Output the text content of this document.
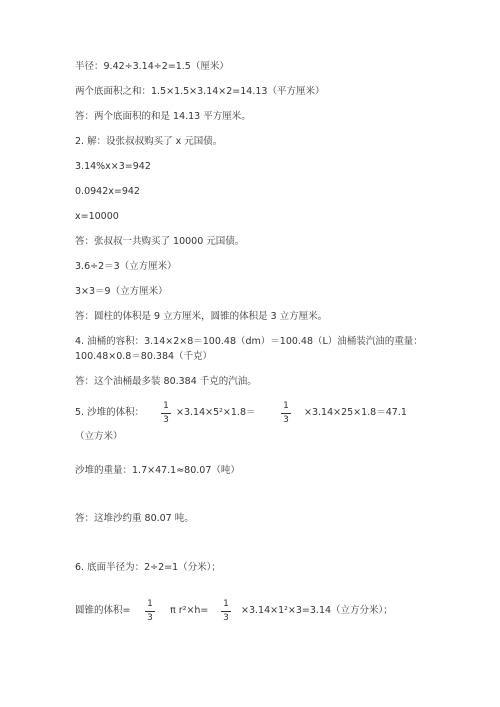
半径：9.42÷3.14÷2=1.5（厘米）
两个底面积之和：1.5×1.5×3.14×2=14.13（平方厘米）
答：两个底面积的和是 14.13 平方厘米。
2. 解：设张叔叔购买了 x 元国债。
3.14%x×3=942
0.0942x=942
x=10000
答：张叔叔一共购买了 10000 元国债。
3.6÷2＝3（立方厘米）
3×3＝9（立方厘米）
答：圆柱的体积是 9 立方厘米，圆锥的体积是 3 立方厘米。
4. 油桶的容积：3.14×2×8＝100.48（dm）＝100.48（L）油桶装汽油的重量：
100.48×0.8＝80.384（千克）
答：这个油桶最多装 80.384 千克的汽油。
5. 沙堆的体积：
1
3
×3.14×5²×1.8＝
1
3
×3.14×25×1.8＝47.1
（立方米）
沙堆的重量：1.7×47.1≈80.07（吨）
答：这堆沙约重 80.07 吨。
6. 底面半径为：2÷2=1（分米）；
圆锥的体积=
1
3
π r²×h=
1
3
×3.14×1²×3=3.14（立方分米）；
